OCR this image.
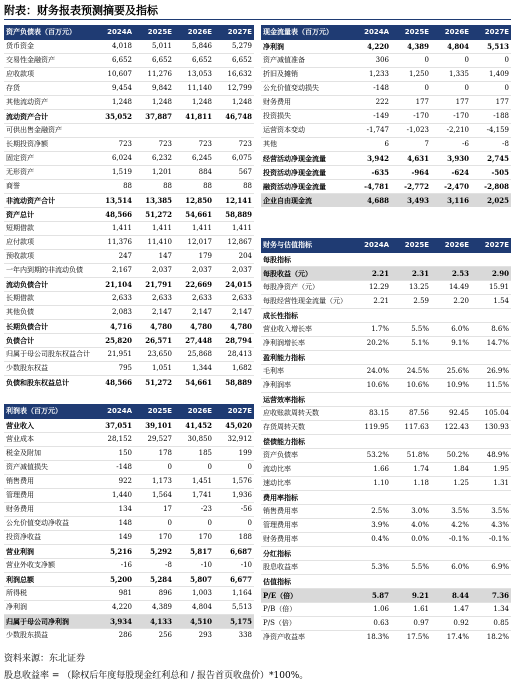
附表：财务报表预测摘要及指标
资产负债表（百万元）	2024A	2025E	2026E	2027E
货币资金	4,018	5,011	5,846	5,279
交易性金融资产	6,652	6,652	6,652	6,652
应收款项	10,607	11,276	13,053	16,632
存货	9,454	9,842	11,140	12,799
其他流动资产	1,248	1,248	1,248	1,248
流动资产合计	35,052	37,887	41,811	46,748
可供出售金融资产				
长期投资净额	723	723	723	723
固定资产	6,024	6,232	6,245	6,075
无形资产	1,519	1,201	884	567
商誉	88	88	88	88
非流动资产合计	13,514	13,385	12,850	12,141
资产总计	48,566	51,272	54,661	58,889
短期借款	1,411	1,411	1,411	1,411
应付款项	11,376	11,410	12,017	12,867
预收款项	247	147	179	204
一年内到期的非流动负债	2,167	2,037	2,037	2,037
流动负债合计	21,104	21,791	22,669	24,015
长期借款	2,633	2,633	2,633	2,633
其他负债	2,083	2,147	2,147	2,147
长期负债合计	4,716	4,780	4,780	4,780
负债合计	25,820	26,571	27,448	28,794
归属于母公司股东权益合计	21,951	23,650	25,868	28,413
少数股东权益	795	1,051	1,344	1,682
负债和股东权益总计	48,566	51,272	54,661	58,889
现金流量表（百万元）	2024A	2025E	2026E	2027E
净利润	4,220	4,389	4,804	5,513
资产减值准备	306	0	0	0
折旧及摊销	1,233	1,250	1,335	1,409
公允价值变动损失	-148	0	0	0
财务费用	222	177	177	177
投资损失	-149	-170	-170	-188
运营资本变动	-1,747	-1,023	-2,210	-4,159
其他	6	7	-6	-8
经营活动净现金流量	3,942	4,631	3,930	2,745
投资活动净现金流量	-635	-964	-624	-505
融资活动净现金流量	-4,781	-2,772	-2,470	-2,808
企业自由现金流	4,688	3,493	3,116	2,025
利润表（百万元）	2024A	2025E	2026E	2027E
营业收入	37,051	39,101	41,452	45,020
营业成本	28,152	29,527	30,850	32,912
税金及附加	150	178	185	199
资产减值损失	-148	0	0	0
销售费用	922	1,173	1,451	1,576
管理费用	1,440	1,564	1,741	1,936
财务费用	134	17	-23	-56
公允价值变动净收益	148	0	0	0
投资净收益	149	170	170	188
营业利润	5,216	5,292	5,817	6,687
营业外收支净额	-16	-8	-10	-10
利润总额	5,200	5,284	5,807	6,677
所得税	981	896	1,003	1,164
净利润	4,220	4,389	4,804	5,513
归属于母公司净利润	3,934	4,133	4,510	5,175
少数股东损益	286	256	293	338
财务与估值指标	2024A	2025E	2026E	2027E
每股指标				
每股收益（元）	2.21	2.31	2.53	2.90
每股净资产（元）	12.29	13.25	14.49	15.91
每股经营性现金流量（元）	2.21	2.59	2.20	1.54
成长性指标				
营业收入增长率	1.7%	5.5%	6.0%	8.6%
净利润增长率	20.2%	5.1%	9.1%	14.7%
盈利能力指标				
毛利率	24.0%	24.5%	25.6%	26.9%
净利润率	10.6%	10.6%	10.9%	11.5%
运营效率指标				
应收账款周转天数	83.15	87.56	92.45	105.04
存货周转天数	119.95	117.63	122.43	130.93
偿债能力指标				
资产负债率	53.2%	51.8%	50.2%	48.9%
流动比率	1.66	1.74	1.84	1.95
速动比率	1.10	1.18	1.25	1.31
费用率指标				
销售费用率	2.5%	3.0%	3.5%	3.5%
管理费用率	3.9%	4.0%	4.2%	4.3%
财务费用率	0.4%	0.0%	-0.1%	-0.1%
分红指标				
股息收益率	5.3%	5.5%	6.0%	6.9%
估值指标				
P/E（倍）	5.87	9.21	8.44	7.36
P/B（倍）	1.06	1.61	1.47	1.34
P/S（倍）	0.63	0.97	0.92	0.85
净资产收益率	18.3%	17.5%	17.4%	18.2%
资料来源：东北证券
股息收益率 = （除权后年度每股现金红利总和 / 报告首页收盘价）*100%。
